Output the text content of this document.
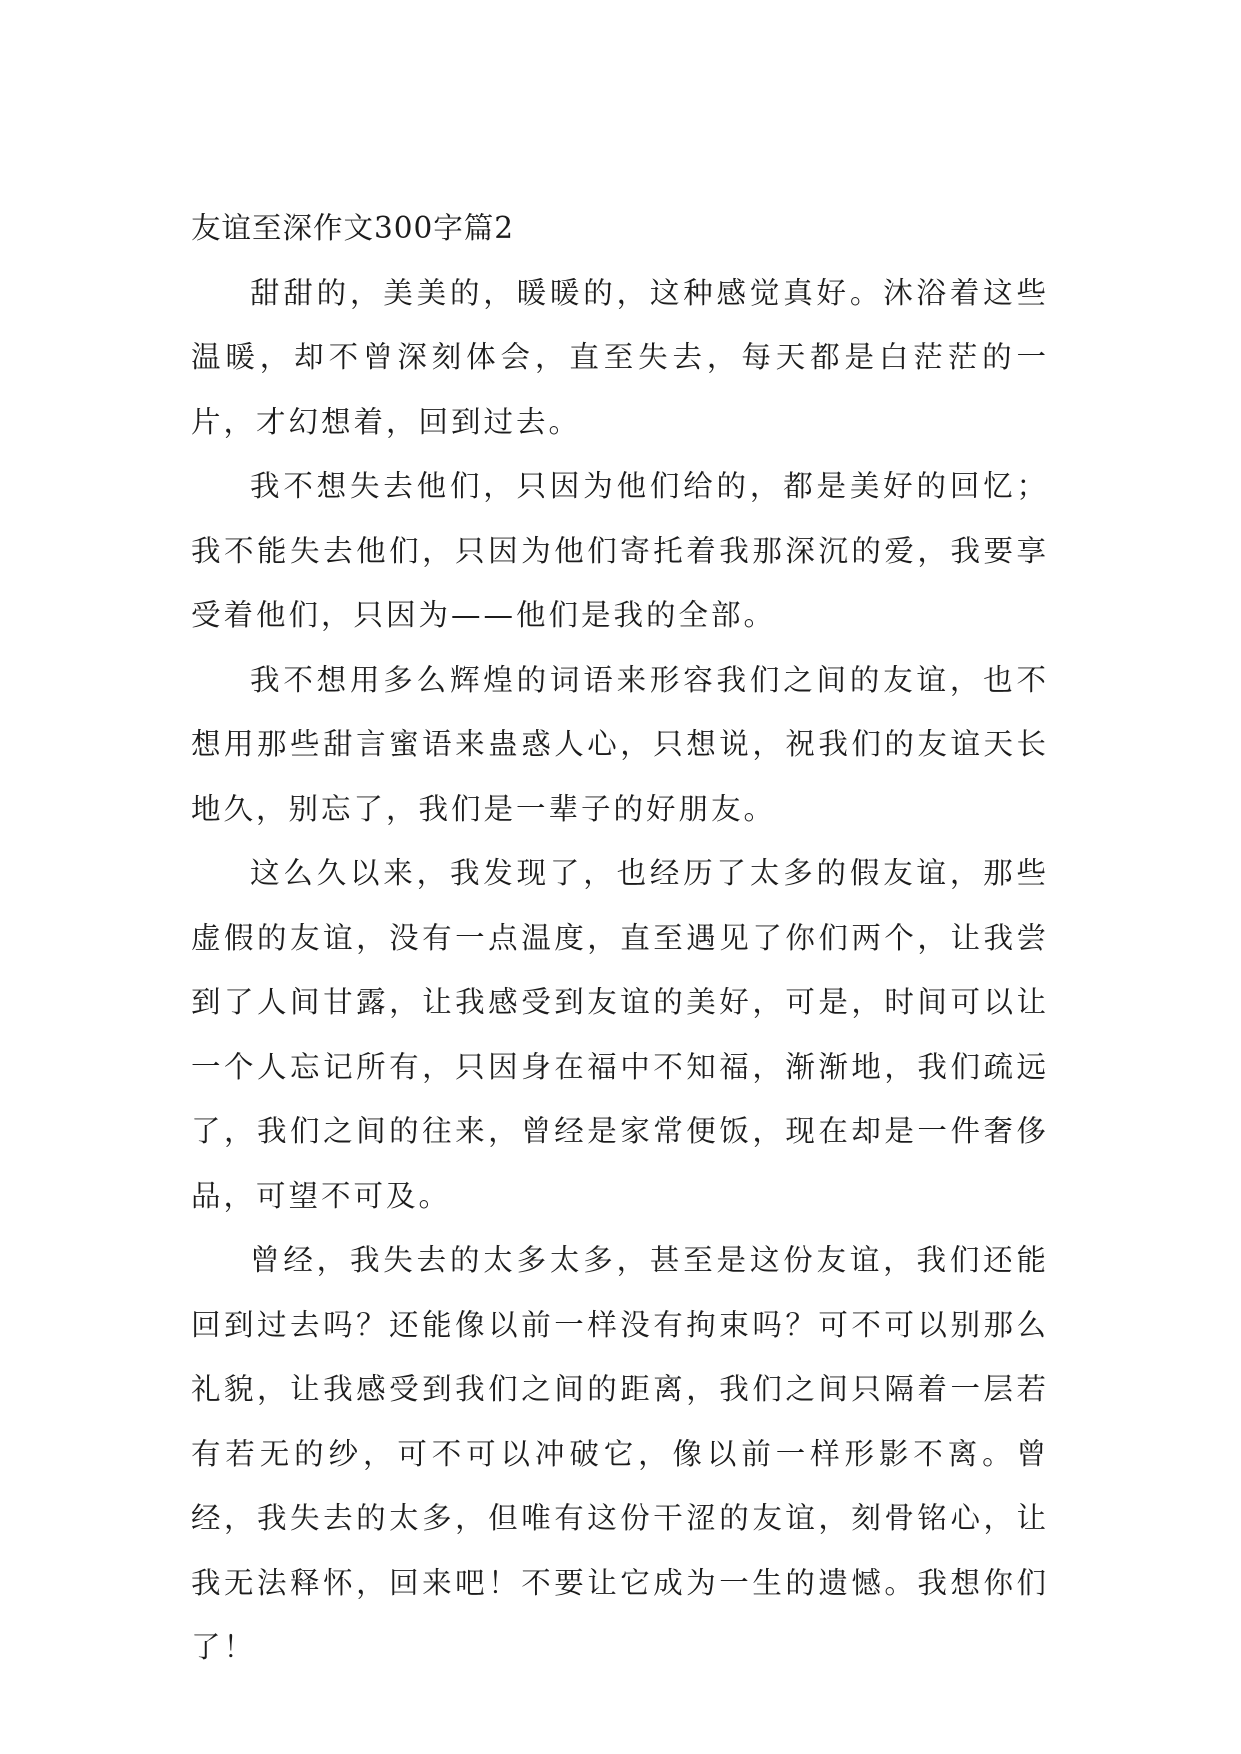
友谊至深作文300字篇2

甜甜的，美美的，暖暖的，这种感觉真好。沐浴着这些温暖，却不曾深刻体会，直至失去，每天都是白茫茫的一片，才幻想着，回到过去。

我不想失去他们，只因为他们给的，都是美好的回忆；我不能失去他们，只因为他们寄托着我那深沉的爱，我要享受着他们，只因为——他们是我的全部。

我不想用多么辉煌的词语来形容我们之间的友谊，也不想用那些甜言蜜语来蛊惑人心，只想说，祝我们的友谊天长地久，别忘了，我们是一辈子的好朋友。

这么久以来，我发现了，也经历了太多的假友谊，那些虚假的友谊，没有一点温度，直至遇见了你们两个，让我尝到了人间甘露，让我感受到友谊的美好，可是，时间可以让一个人忘记所有，只因身在福中不知福，渐渐地，我们疏远了，我们之间的往来，曾经是家常便饭，现在却是一件奢侈品，可望不可及。

曾经，我失去的太多太多，甚至是这份友谊，我们还能回到过去吗？还能像以前一样没有拘束吗？可不可以别那么礼貌，让我感受到我们之间的距离，我们之间只隔着一层若有若无的纱，可不可以冲破它，像以前一样形影不离。曾经，我失去的太多，但唯有这份干涩的友谊，刻骨铭心，让我无法释怀，回来吧！不要让它成为一生的遗憾。我想你们了！
